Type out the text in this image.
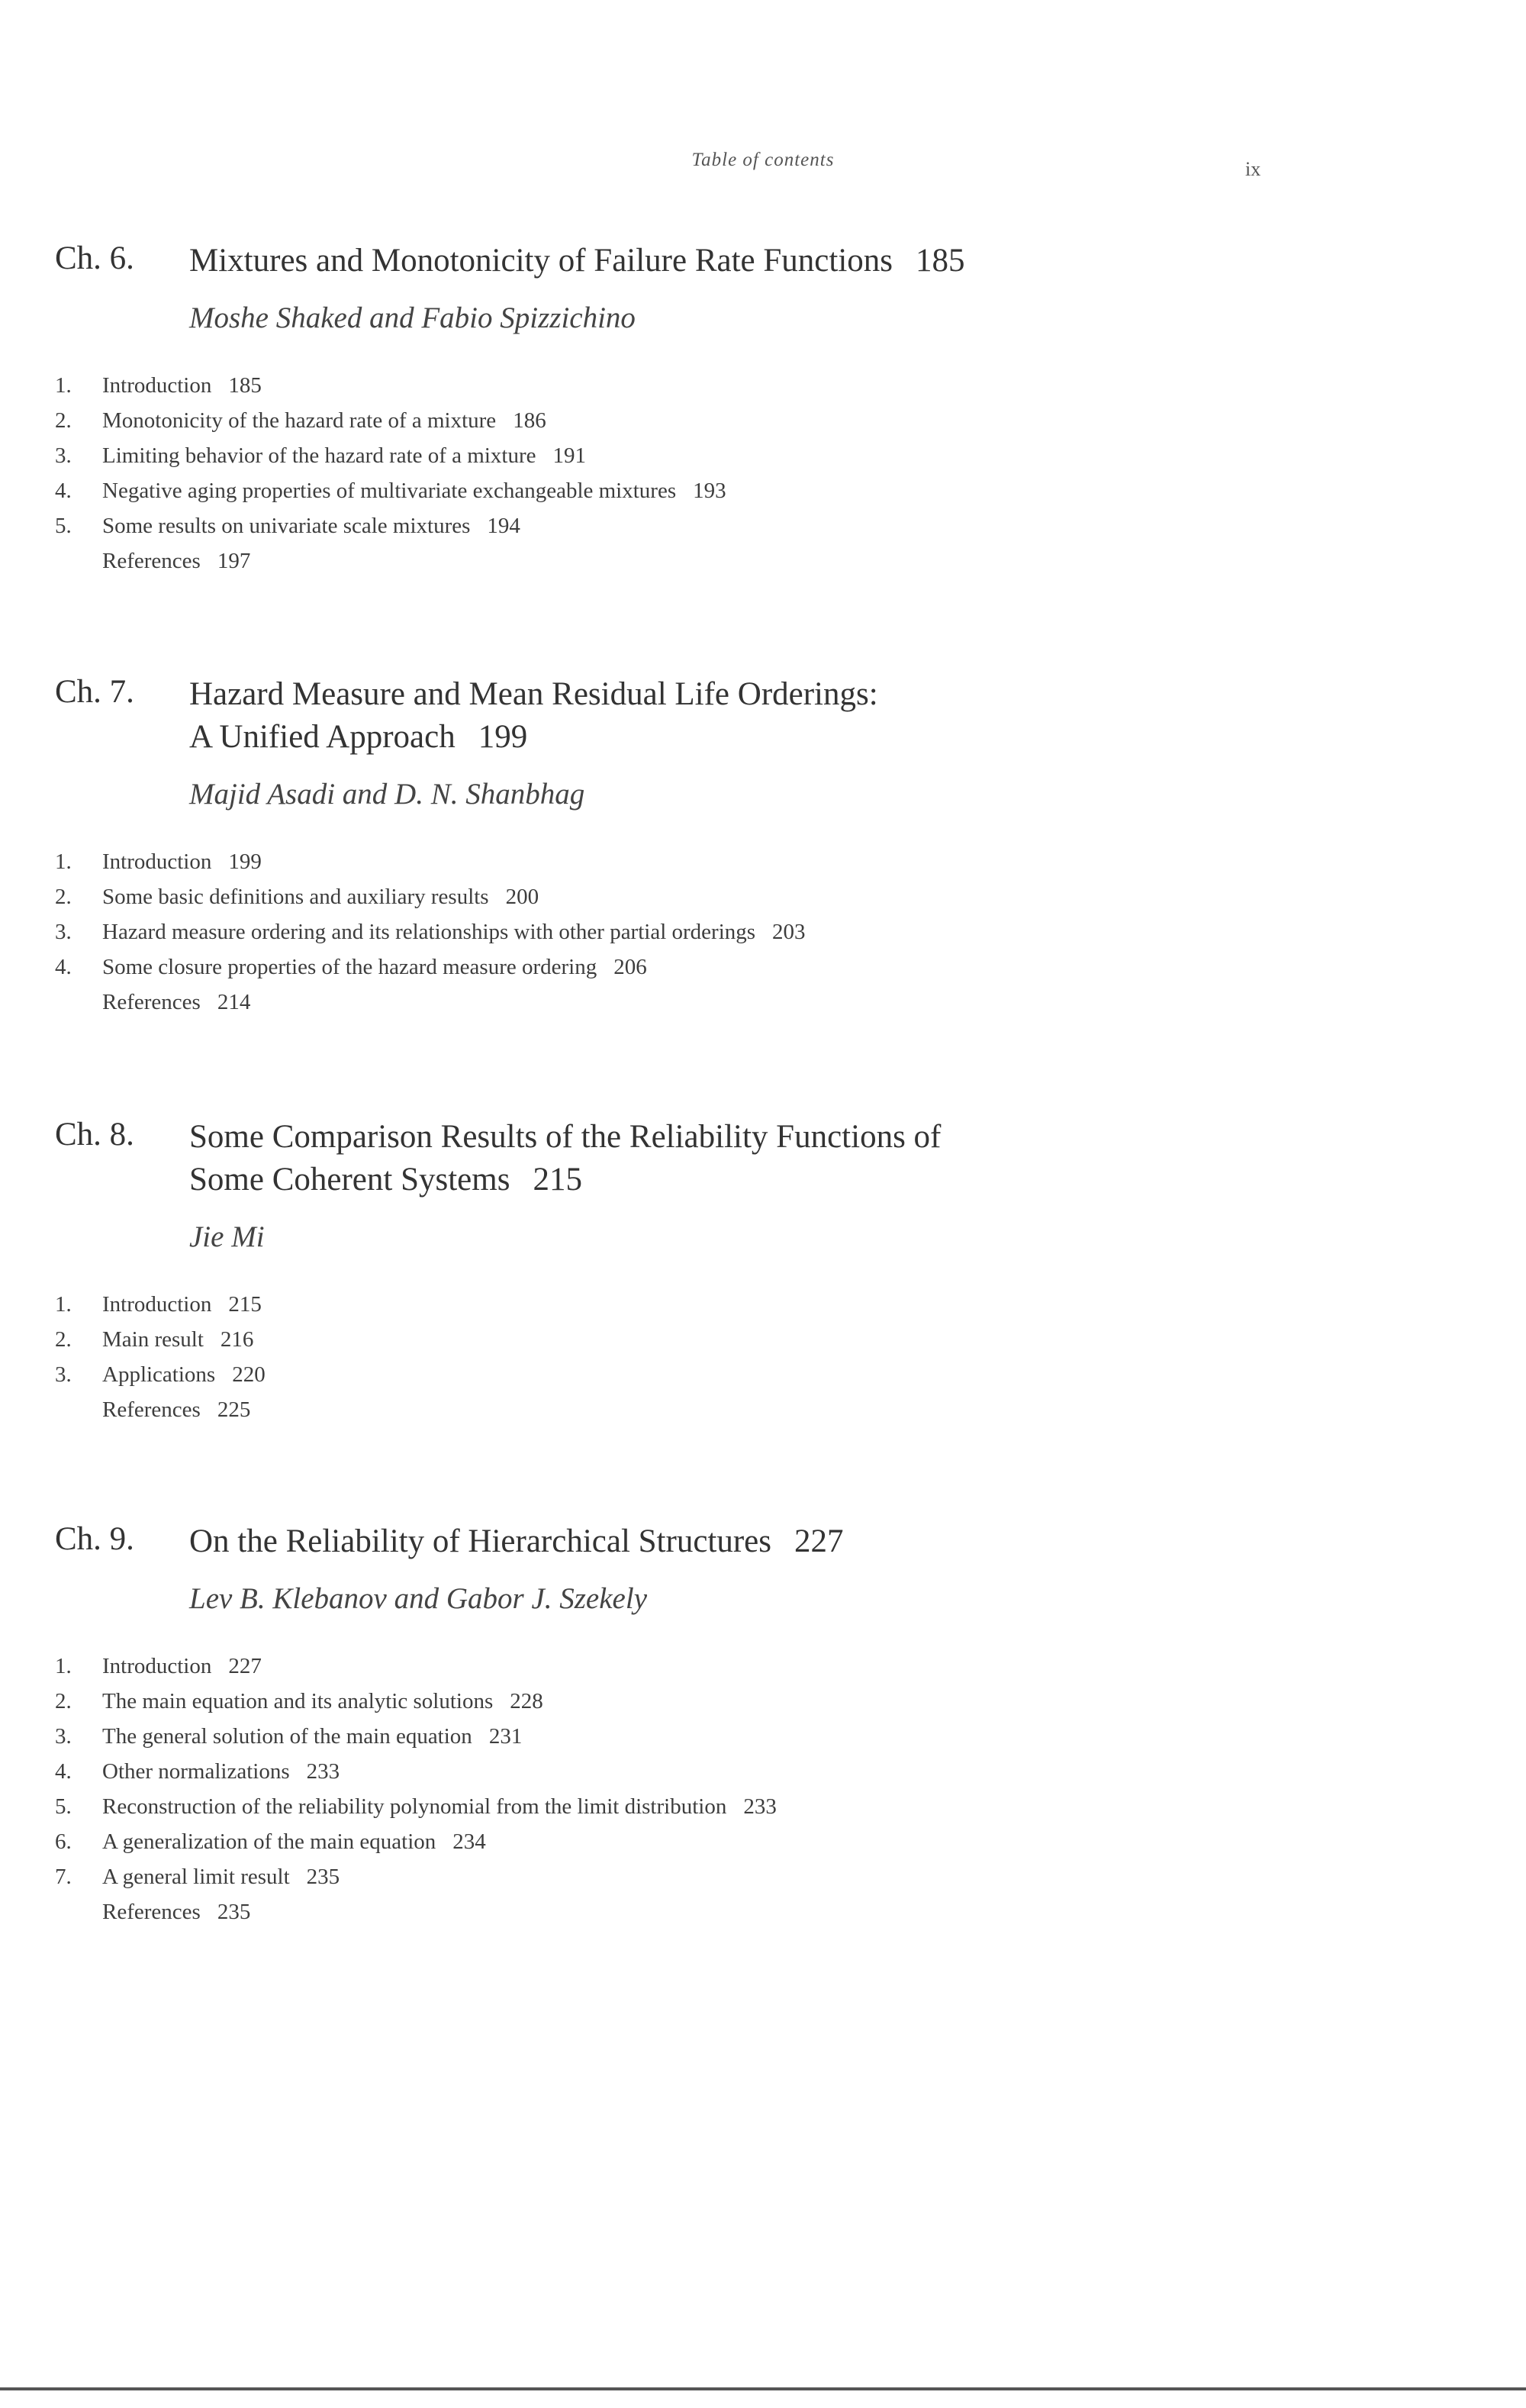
Table of contents	ix
Ch. 6. Mixtures and Monotonicity of Failure Rate Functions 185
Moshe Shaked and Fabio Spizzichino
1. Introduction 185
2. Monotonicity of the hazard rate of a mixture 186
3. Limiting behavior of the hazard rate of a mixture 191
4. Negative aging properties of multivariate exchangeable mixtures 193
5. Some results on univariate scale mixtures 194
References 197
Ch. 7. Hazard Measure and Mean Residual Life Orderings:
A Unified Approach 199
Majid Asadi and D. N. Shanbhag
1. Introduction 199
2. Some basic definitions and auxiliary results 200
3. Hazard measure ordering and its relationships with other partial orderings 203
4. Some closure properties of the hazard measure ordering 206
References 214
Ch. 8. Some Comparison Results of the Reliability Functions of
Some Coherent Systems 215
Jie Mi
1. Introduction 215
2. Main result 216
3. Applications 220
References 225
Ch. 9. On the Reliability of Hierarchical Structures 227
Lev B. Klebanov and Gabor J. Szekely
1. Introduction 227
2. The main equation and its analytic solutions 228
3. The general solution of the main equation 231
4. Other normalizations 233
5. Reconstruction of the reliability polynomial from the limit distribution 233
6. A generalization of the main equation 234
7. A general limit result 235
References 235
